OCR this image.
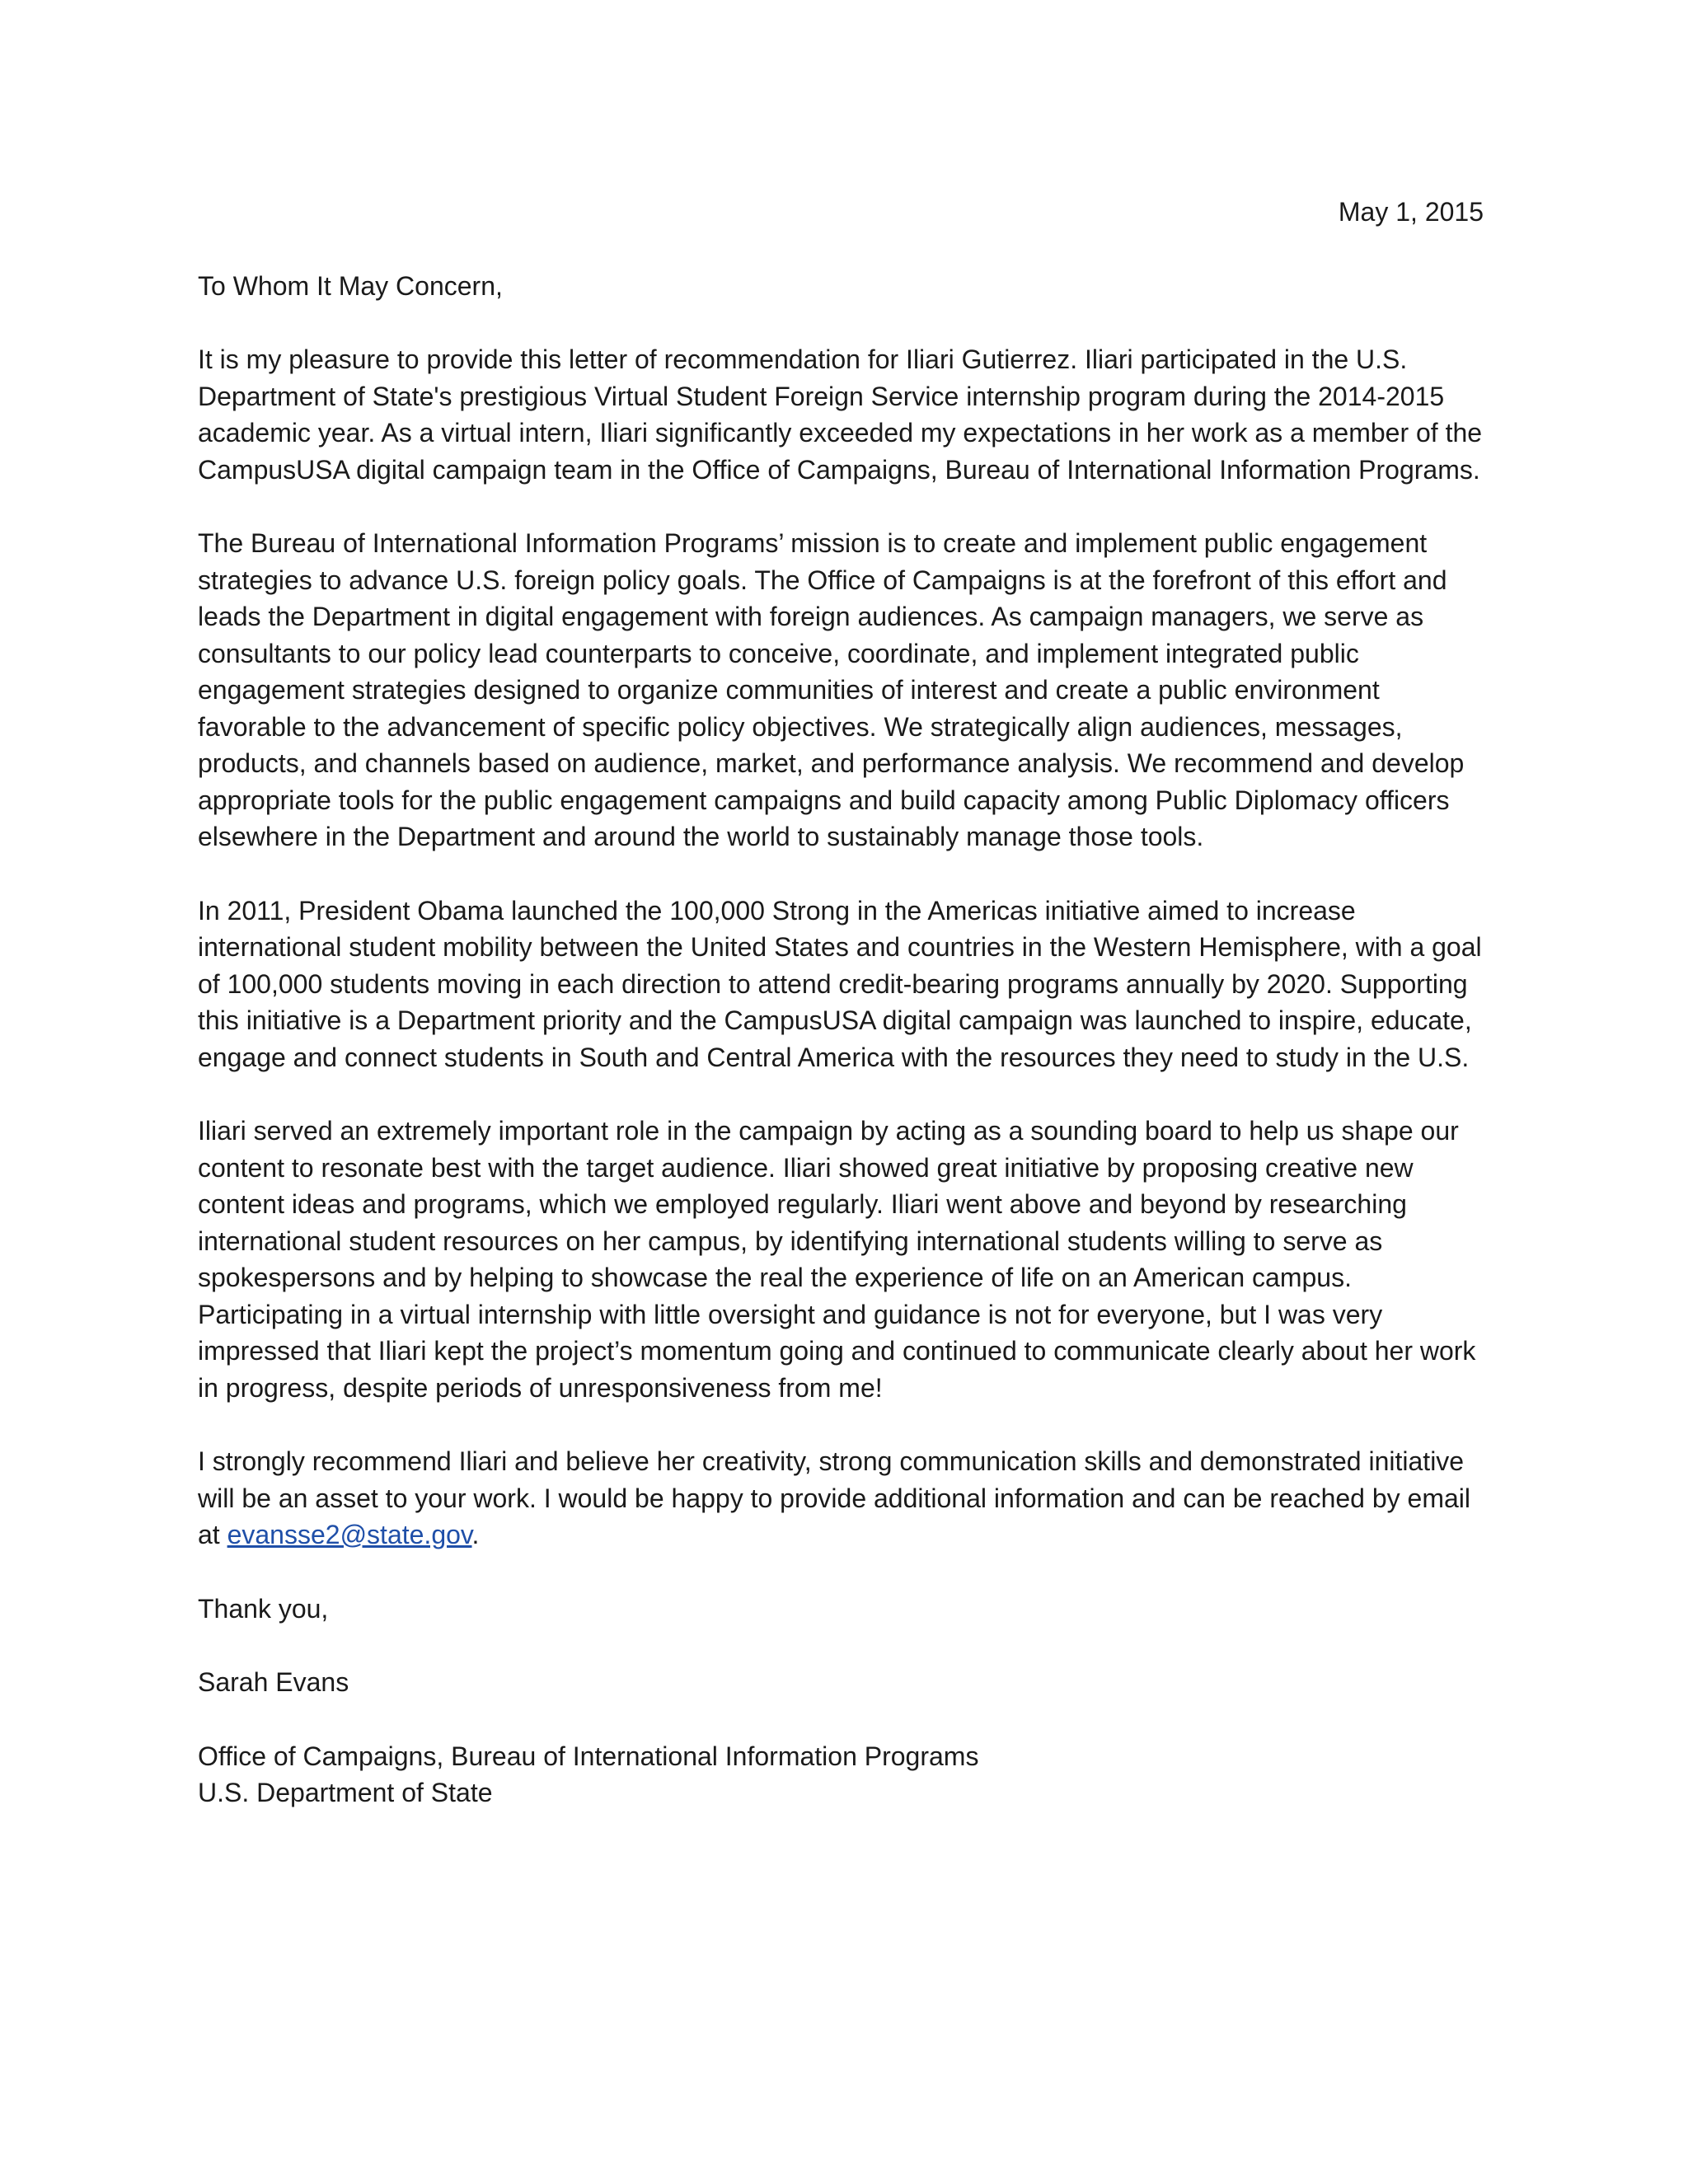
May 1, 2015

To Whom It May Concern,

It is my pleasure to provide this letter of recommendation for Iliari Gutierrez. Iliari participated in the U.S. Department of State's prestigious Virtual Student Foreign Service internship program during the 2014-2015 academic year. As a virtual intern, Iliari significantly exceeded my expectations in her work as a member of the CampusUSA digital campaign team in the Office of Campaigns, Bureau of International Information Programs.

The Bureau of International Information Programs’ mission is to create and implement public engagement strategies to advance U.S. foreign policy goals. The Office of Campaigns is at the forefront of this effort and leads the Department in digital engagement with foreign audiences. As campaign managers, we serve as consultants to our policy lead counterparts to conceive, coordinate, and implement integrated public engagement strategies designed to organize communities of interest and create a public environment favorable to the advancement of specific policy objectives. We strategically align audiences, messages, products, and channels based on audience, market, and performance analysis. We recommend and develop appropriate tools for the public engagement campaigns and build capacity among Public Diplomacy officers elsewhere in the Department and around the world to sustainably manage those tools.

In 2011, President Obama launched the 100,000 Strong in the Americas initiative aimed to increase international student mobility between the United States and countries in the Western Hemisphere, with a goal of 100,000 students moving in each direction to attend credit-bearing programs annually by 2020. Supporting this initiative is a Department priority and the CampusUSA digital campaign was launched to inspire, educate, engage and connect students in South and Central America with the resources they need to study in the U.S.

Iliari served an extremely important role in the campaign by acting as a sounding board to help us shape our content to resonate best with the target audience. Iliari showed great initiative by proposing creative new content ideas and programs, which we employed regularly. Iliari went above and beyond by researching international student resources on her campus, by identifying international students willing to serve as spokespersons and by helping to showcase the real the experience of life on an American campus. Participating in a virtual internship with little oversight and guidance is not for everyone, but I was very impressed that Iliari kept the project’s momentum going and continued to communicate clearly about her work in progress, despite periods of unresponsiveness from me!

I strongly recommend Iliari and believe her creativity, strong communication skills and demonstrated initiative will be an asset to your work. I would be happy to provide additional information and can be reached by email at evansse2@state.gov.

Thank you,

Sarah Evans

Office of Campaigns, Bureau of International Information Programs

U.S. Department of State
